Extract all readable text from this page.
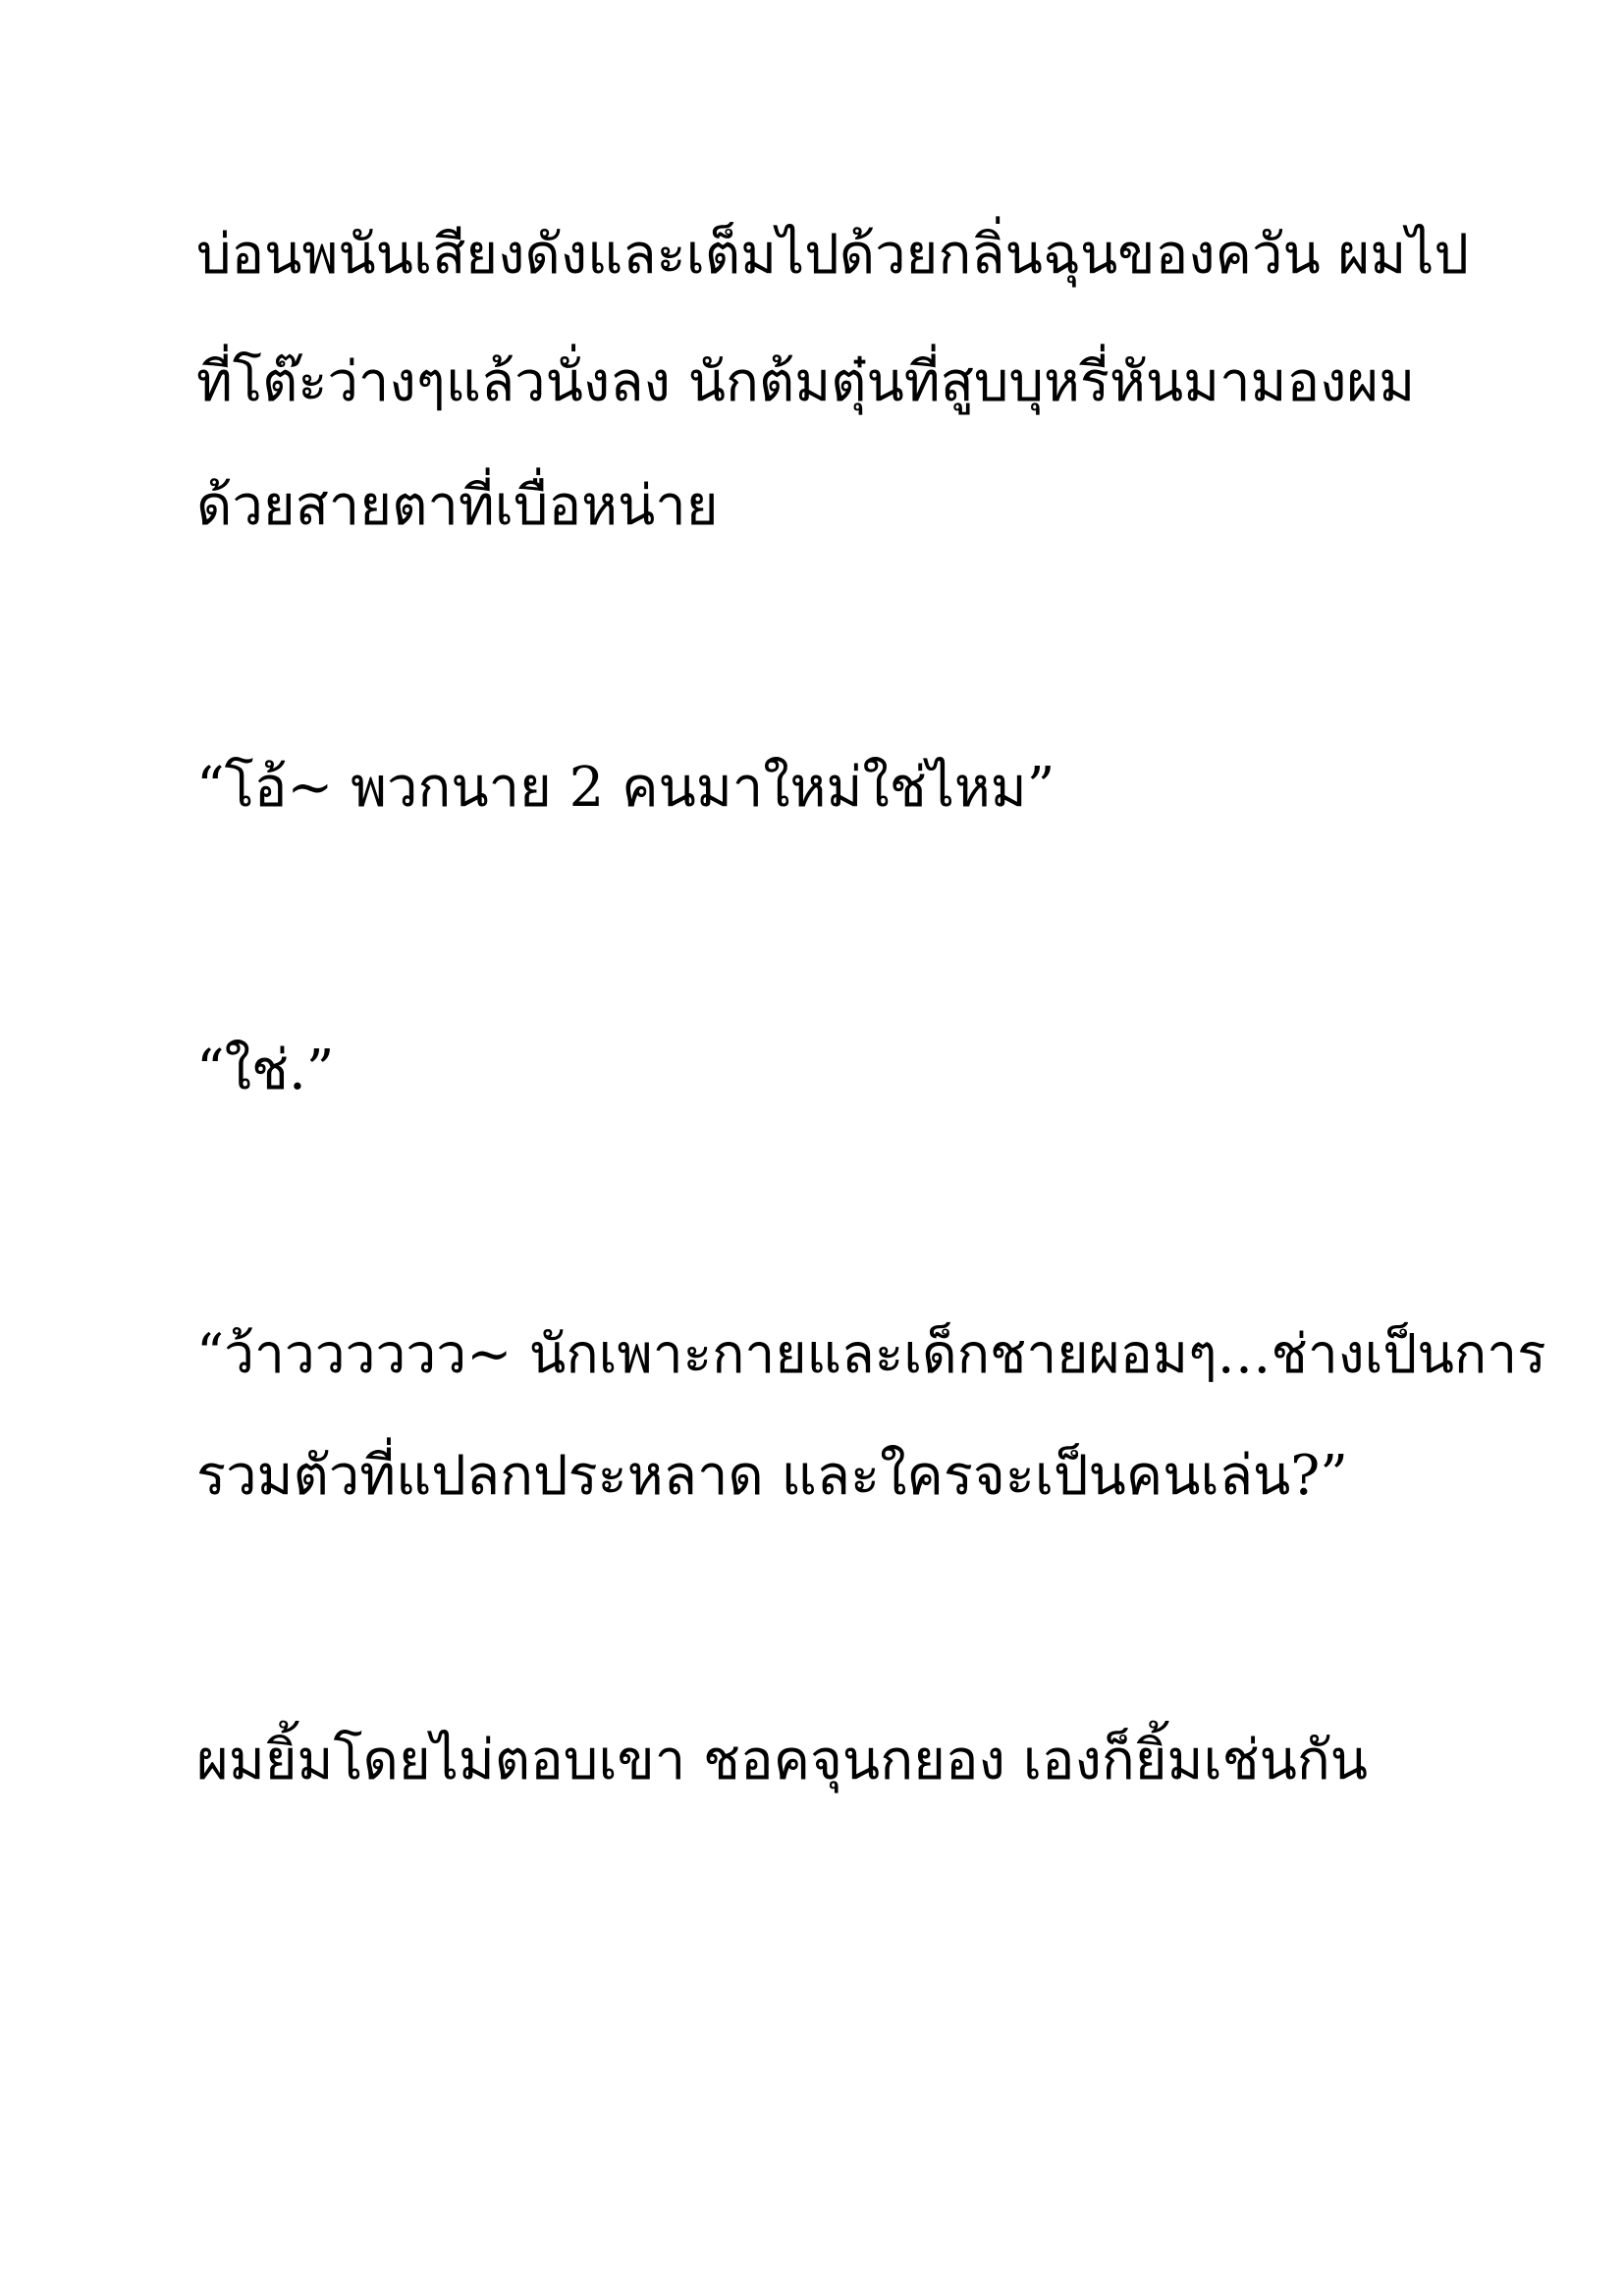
บ่อนพนันเสียงดังและเต็มไปด้วยกลิ่นฉุนของควัน ผมไป
ที่โต๊ะว่างๆแล้วนั่งลง นักต้มตุ๋นที่สูบบุหรี่หันมามองผม
ด้วยสายตาที่เบื่อหน่าย
“โอ้~ พวกนาย 2 คนมาใหม่ใช่ไหม”
“ใช่.”
“ว้าวววววว~ นักเพาะกายและเด็กชายผอมๆ…ช่างเป็นการ
รวมตัวที่แปลกประหลาด และใครจะเป็นคนเล่น?”
ผมยิ้มโดยไม่ตอบเขา ชอคจุนกยอง เองก็ยิ้มเช่นกัน
